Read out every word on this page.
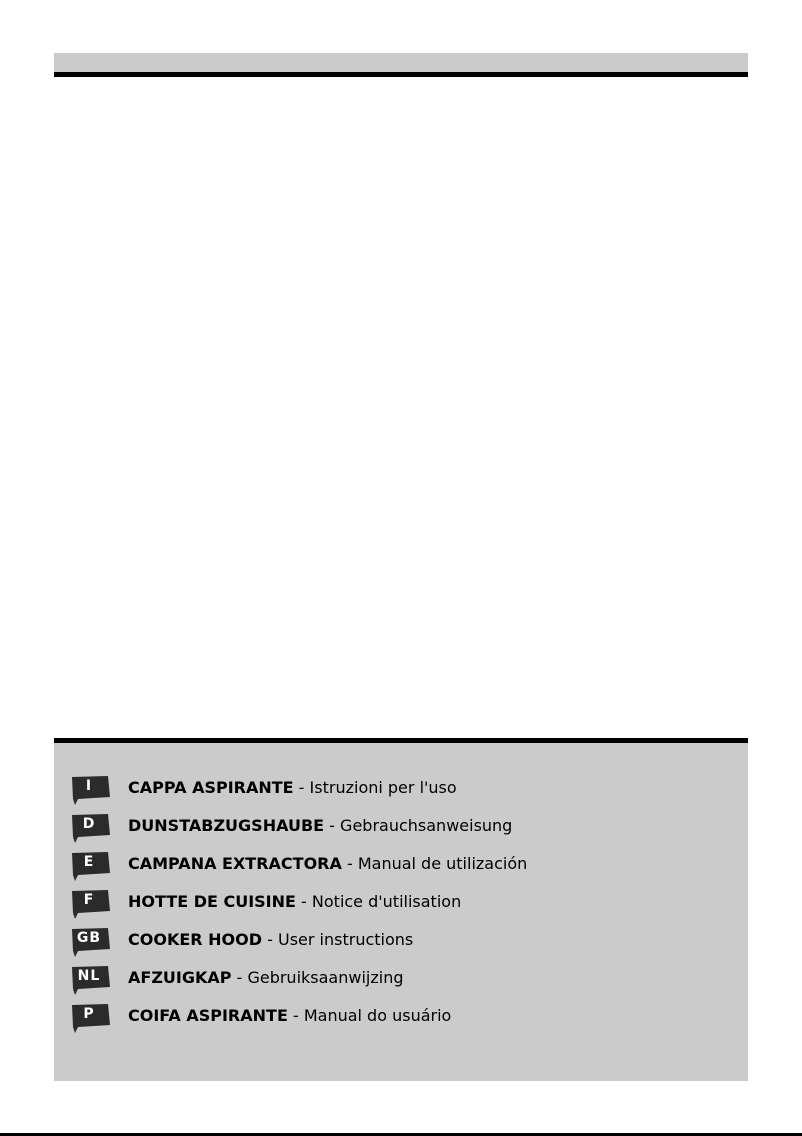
I	CAPPA ASPIRANTE - Istruzioni per l'uso
D	DUNSTABZUGSHAUBE - Gebrauchsanweisung
E	CAMPANA EXTRACTORA - Manual de utilización
F	HOTTE DE CUISINE - Notice d'utilisation
GB	COOKER HOOD - User instructions
NL	AFZUIGKAP - Gebruiksaanwijzing
P	COIFA ASPIRANTE - Manual do usuário
